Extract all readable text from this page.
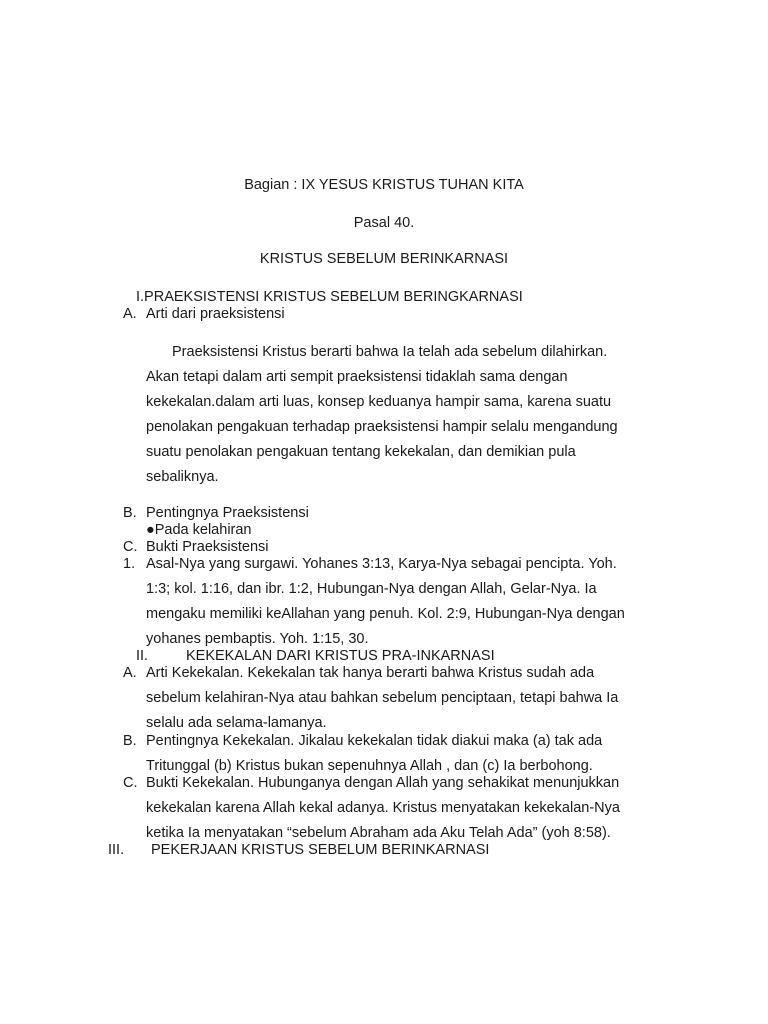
Bagian : IX YESUS KRISTUS TUHAN KITA
Pasal 40.
KRISTUS SEBELUM BERINKARNASI
I.PRAEKSISTENSI KRISTUS SEBELUM BERINGKARNASI
A. Arti dari praeksistensi
Praeksistensi Kristus berarti bahwa Ia telah ada sebelum dilahirkan.
Akan tetapi dalam arti sempit praeksistensi tidaklah sama dengan
kekekalan.dalam arti luas, konsep keduanya hampir sama, karena suatu
penolakan pengakuan terhadap praeksistensi hampir selalu mengandung
suatu penolakan pengakuan tentang kekekalan, dan demikian pula
sebaliknya.
B. Pentingnya Praeksistensi
●Pada kelahiran
C. Bukti Praeksistensi
1. Asal-Nya yang surgawi. Yohanes 3:13, Karya-Nya sebagai pencipta. Yoh.
1:3; kol. 1:16, dan ibr. 1:2, Hubungan-Nya dengan Allah, Gelar-Nya. Ia
mengaku memiliki keAllahan yang penuh. Kol. 2:9, Hubungan-Nya dengan
yohanes pembaptis. Yoh. 1:15, 30.
II.	KEKEKALAN DARI KRISTUS PRA-INKARNASI
A. Arti Kekekalan. Kekekalan tak hanya berarti bahwa Kristus sudah ada
sebelum kelahiran-Nya atau bahkan sebelum penciptaan, tetapi bahwa Ia
selalu ada selama-lamanya.
B. Pentingnya Kekekalan. Jikalau kekekalan tidak diakui maka (a) tak ada
Tritunggal (b) Kristus bukan sepenuhnya Allah , dan (c) Ia berbohong.
C. Bukti Kekekalan. Hubunganya dengan Allah yang sehakikat menunjukkan
kekekalan karena Allah kekal adanya. Kristus menyatakan kekekalan-Nya
ketika Ia menyatakan “sebelum Abraham ada Aku Telah Ada” (yoh 8:58).
III. PEKERJAAN KRISTUS SEBELUM BERINKARNASI
